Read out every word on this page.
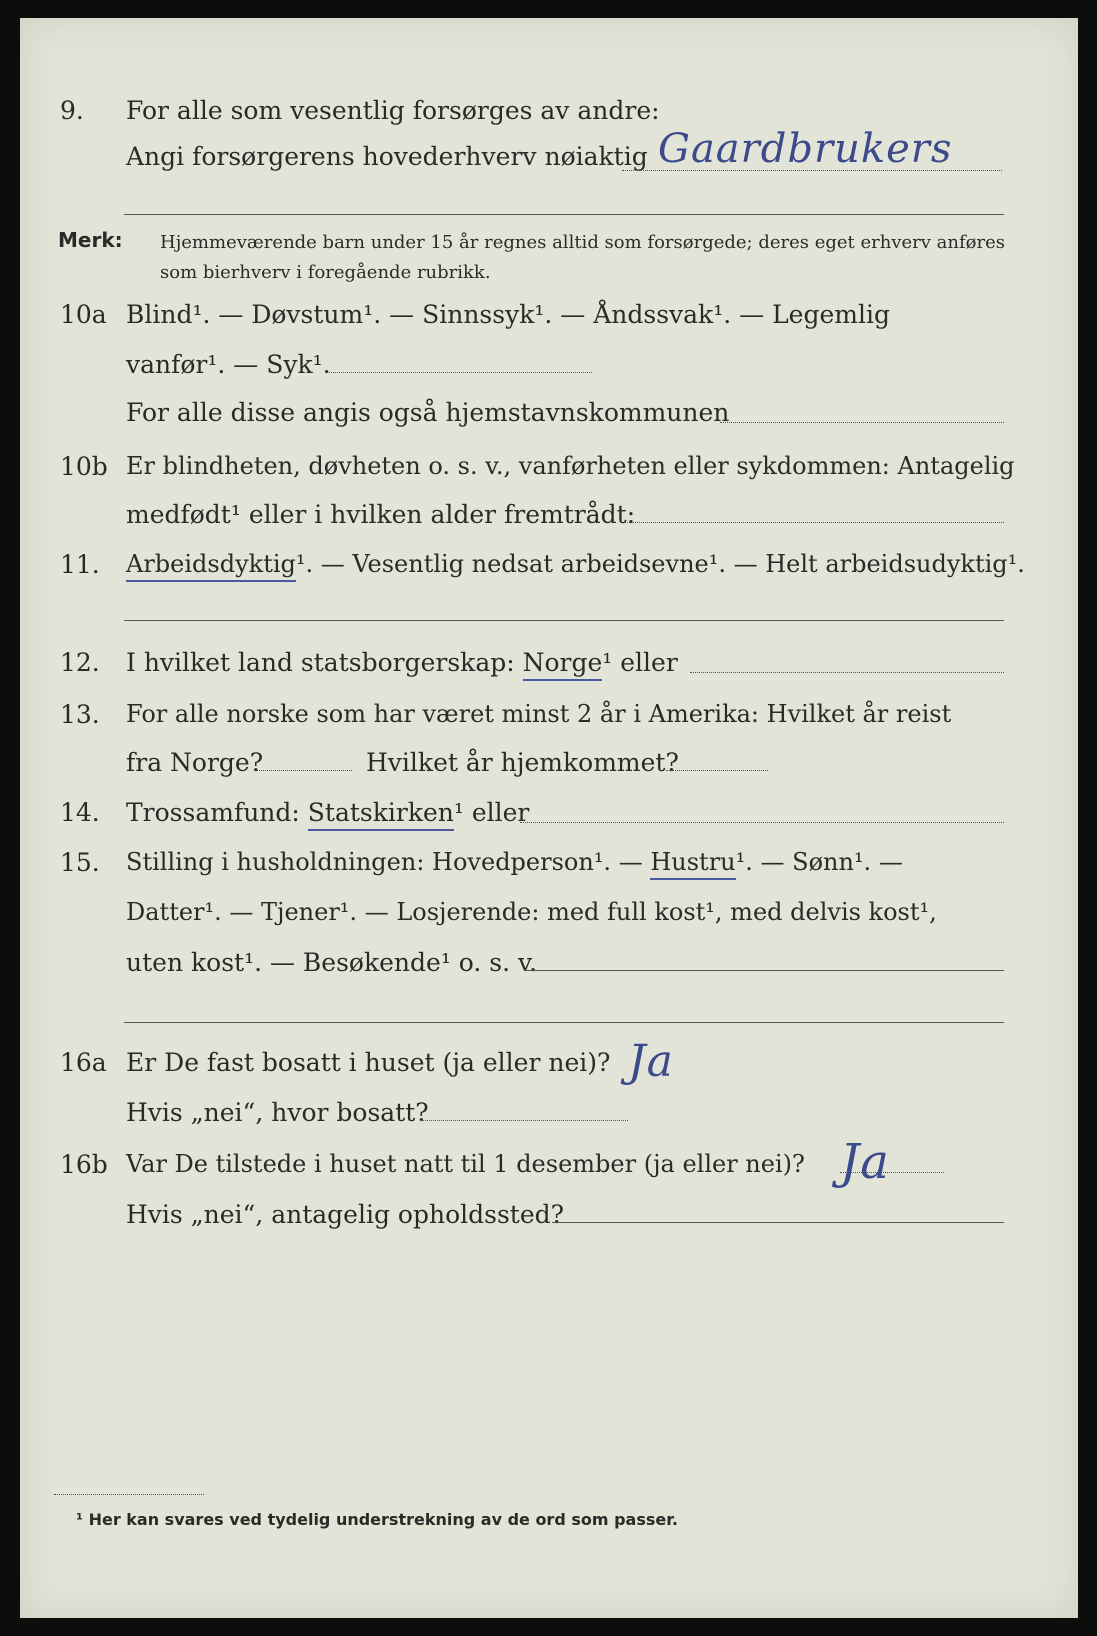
9. For alle som vesentlig forsørges av andre:
Angi forsørgerens hovederhverv nøiaktig Gaardbrukers
Merk: Hjemmeværende barn under 15 år regnes alltid som forsørgede; deres eget erhverv anføres som bierhverv i foregående rubrikk.
10a Blind¹. — Døvstum¹. — Sinnssyk¹. — Åndssvak¹. — Legemlig
vanfør¹. — Syk¹.
For alle disse angis også hjemstavnskommunen
10b Er blindheten, døvheten o. s. v., vanførheten eller sykdommen: Antagelig
medfødt¹ eller i hvilken alder fremtrådt:
11. Arbeidsdyktig¹. — Vesentlig nedsat arbeidsevne¹. — Helt arbeidsudyktig¹.
12. I hvilket land statsborgerskap: Norge¹ eller
13. For alle norske som har været minst 2 år i Amerika: Hvilket år reist
fra Norge?	Hvilket år hjemkommet?
14. Trossamfund: Statskirken¹ eller
15. Stilling i husholdningen: Hovedperson¹. — Hustru¹. — Sønn¹. —
Datter¹. — Tjener¹. — Losjerende: med full kost¹, med delvis kost¹,
uten kost¹. — Besøkende¹ o. s. v.
16a Er De fast bosatt i huset (ja eller nei)? Ja
Hvis „nei“, hvor bosatt?
16b Var De tilstede i huset natt til 1 desember (ja eller nei)? Ja
Hvis „nei“, antagelig opholdssted?
¹ Her kan svares ved tydelig understrekning av de ord som passer.
